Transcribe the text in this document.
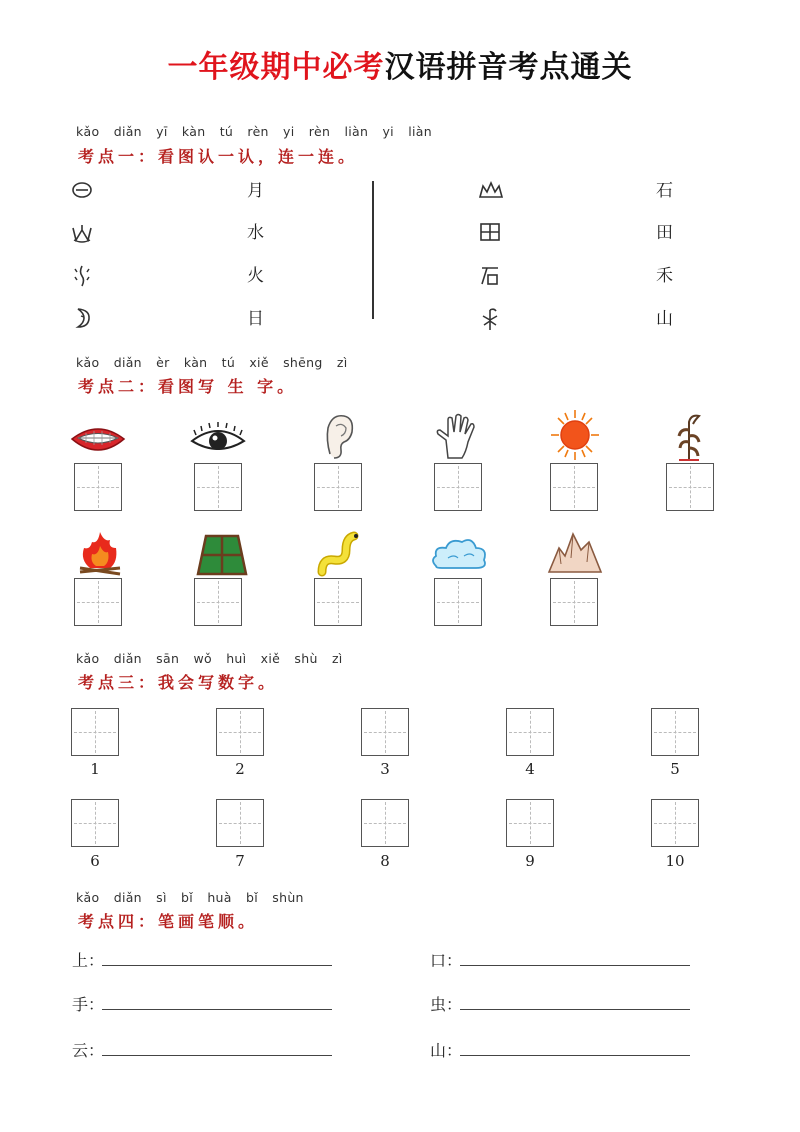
一年级期中必考汉语拼音考点通关
kǎo diǎn yī kàn tú rèn yi rèn liàn yi liàn
考点一：看图认一认，连一连。
月
水
火
日
石
田
禾
山
kǎo diǎn èr kàn tú xiě shēng zì
考点二：看图写 生 字。
kǎo diǎn sān wǒ huì xiě shù zì
考点三：我会写数字。
1	2	3	4	5
6	7	8	9	10
kǎo diǎn sì bǐ huà bǐ shùn
考点四：笔画笔顺。
上：
手：
云：
口：
虫：
山：
